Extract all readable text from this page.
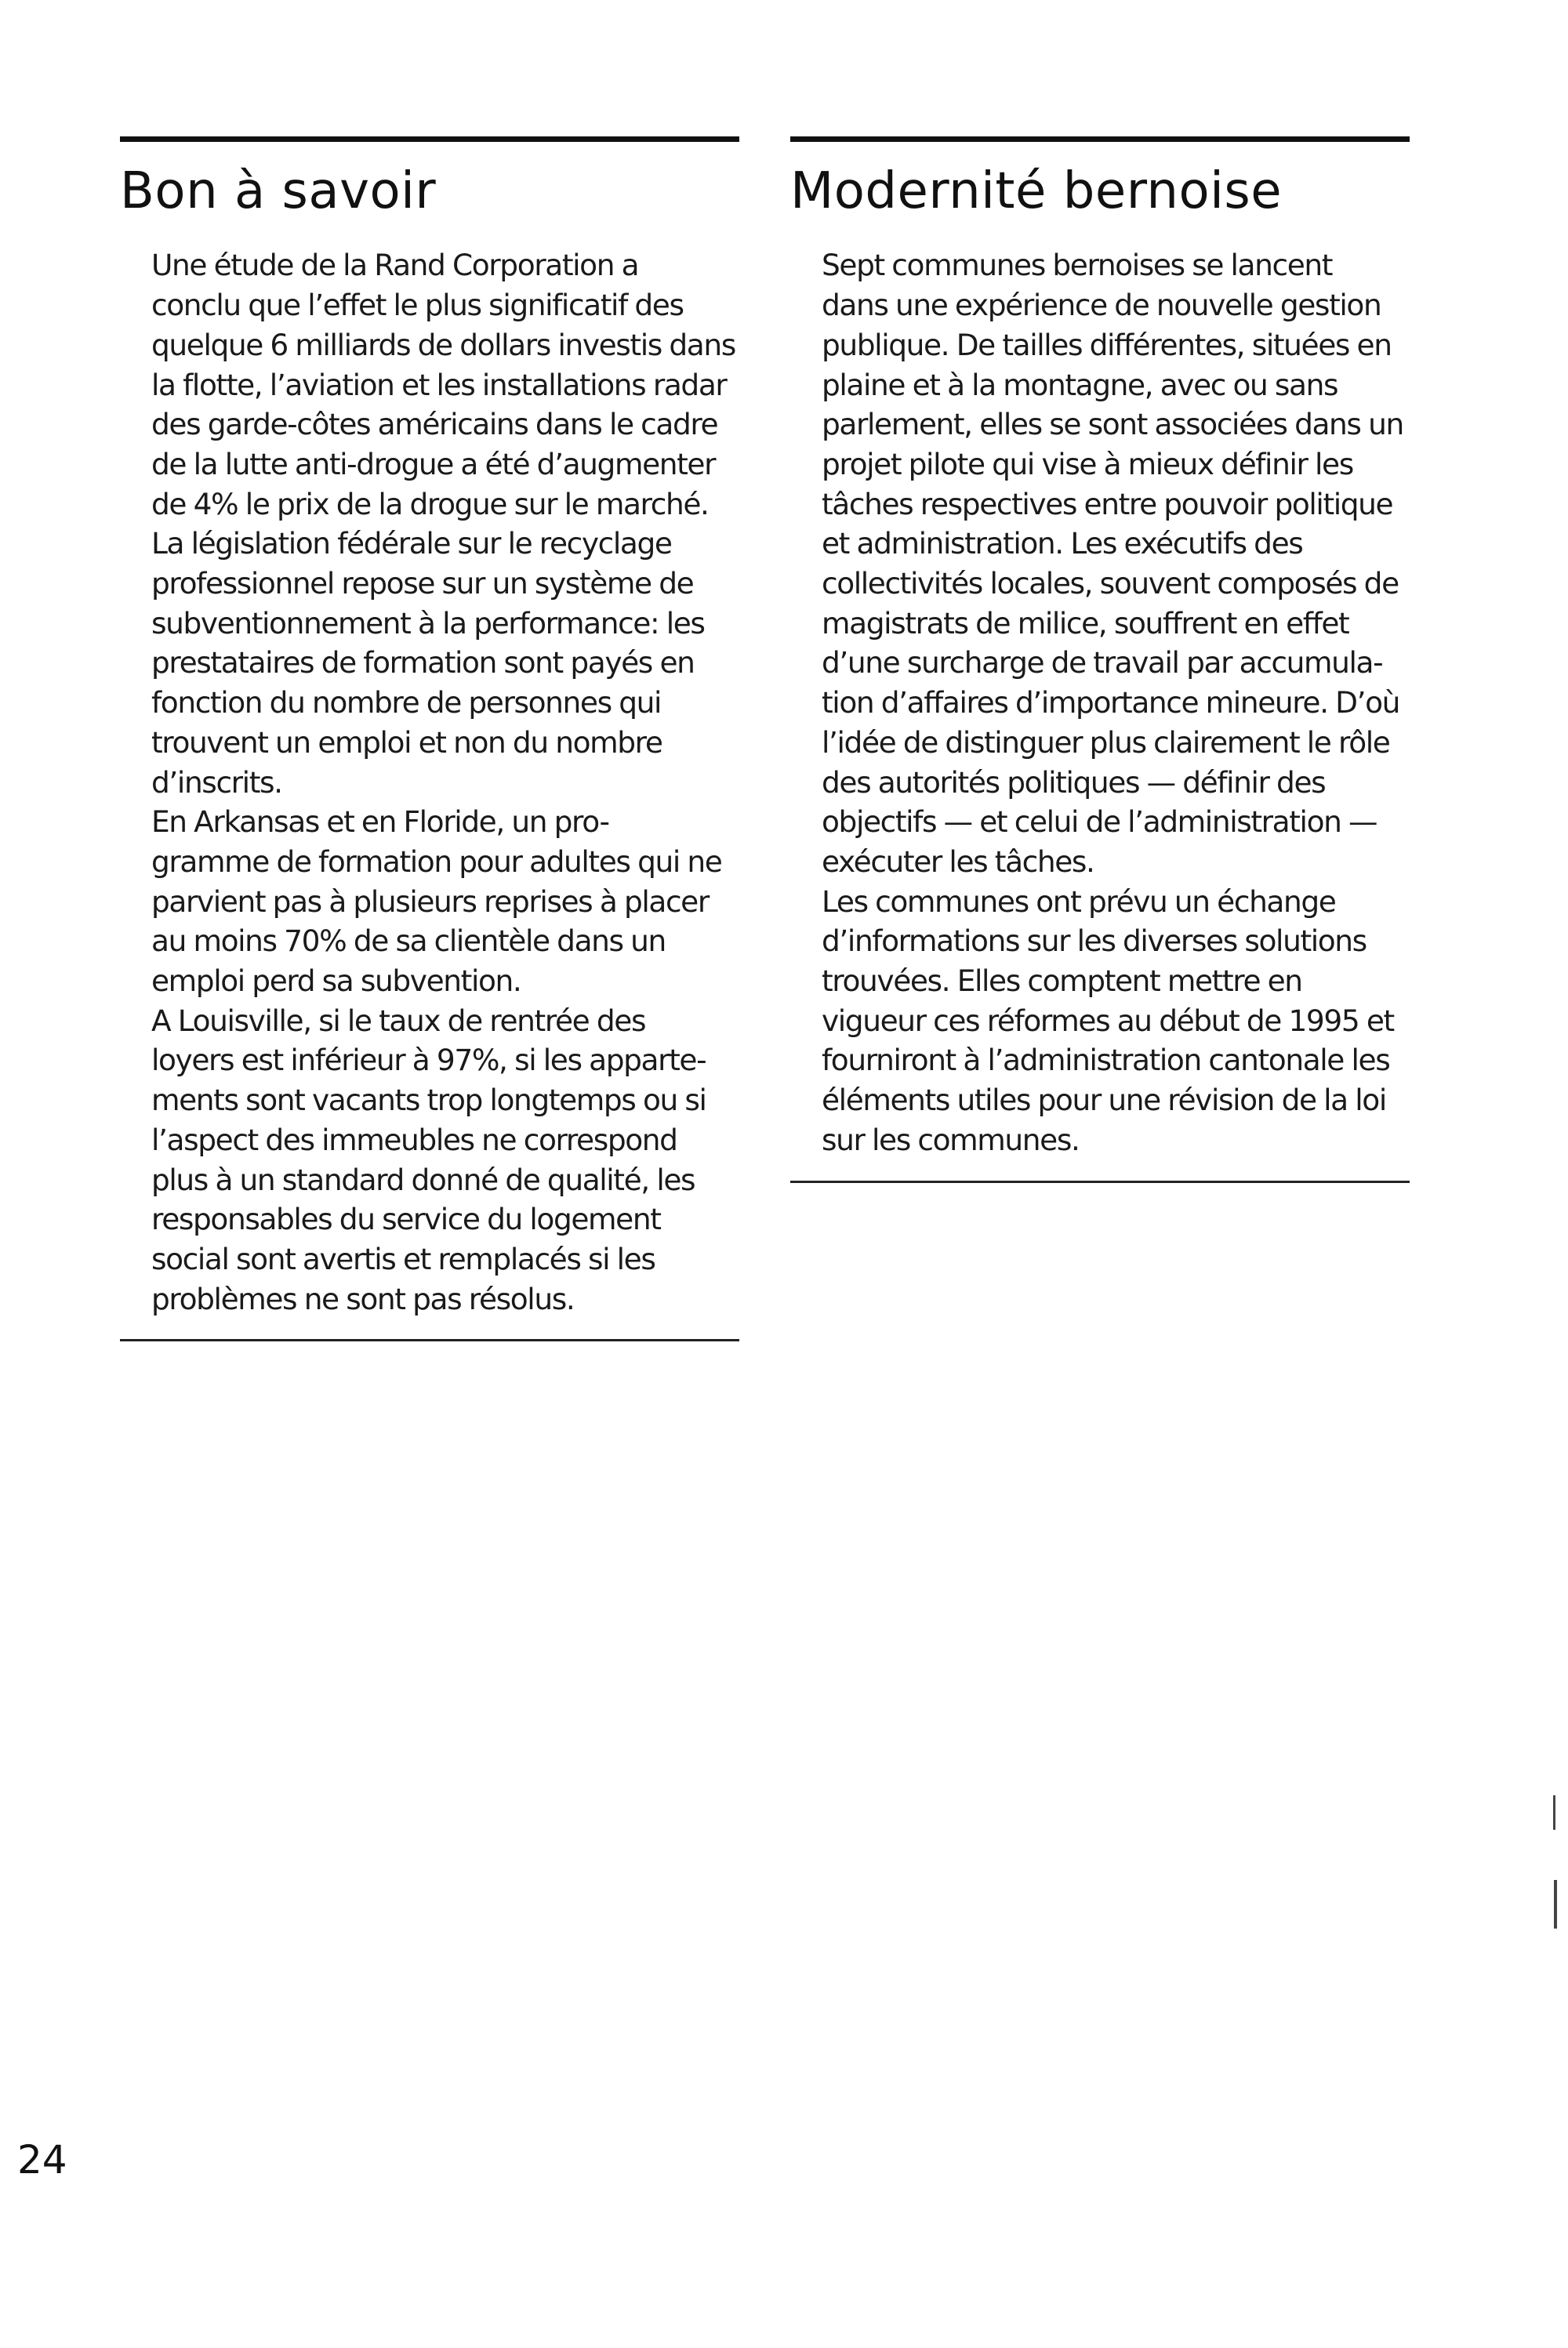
Bon à savoir

Une étude de la Rand Corporation a
conclu que l’effet le plus significatif des
quelque 6 milliards de dollars investis dans
la flotte, l’aviation et les installations radar
des garde-côtes américains dans le cadre
de la lutte anti-drogue a été d’augmenter
de 4% le prix de la drogue sur le marché.

La législation fédérale sur le recyclage
professionnel repose sur un système de
subventionnement à la performance: les
prestataires de formation sont payés en
fonction du nombre de personnes qui
trouvent un emploi et non du nombre
d’inscrits.

En Arkansas et en Floride, un pro-
gramme de formation pour adultes qui ne
parvient pas à plusieurs reprises à placer
au moins 70% de sa clientèle dans un
emploi perd sa subvention.

A Louisville, si le taux de rentrée des
loyers est inférieur à 97%, si les apparte-
ments sont vacants trop longtemps ou si
l’aspect des immeubles ne correspond
plus à un standard donné de qualité, les
responsables du service du logement
social sont avertis et remplacés si les
problèmes ne sont pas résolus.

Modernité bernoise

Sept communes bernoises se lancent
dans une expérience de nouvelle gestion
publique. De tailles différentes, situées en
plaine et à la montagne, avec ou sans
parlement, elles se sont associées dans un
projet pilote qui vise à mieux définir les
tâches respectives entre pouvoir politique
et administration. Les exécutifs des
collectivités locales, souvent composés de
magistrats de milice, souffrent en effet
d’une surcharge de travail par accumula-
tion d’affaires d’importance mineure. D’où
l’idée de distinguer plus clairement le rôle
des autorités politiques — définir des
objectifs — et celui de l’administration —
exécuter les tâches.

Les communes ont prévu un échange
d’informations sur les diverses solutions
trouvées. Elles comptent mettre en
vigueur ces réformes au début de 1995 et
fourniront à l’administration cantonale les
éléments utiles pour une révision de la loi
sur les communes.

24
